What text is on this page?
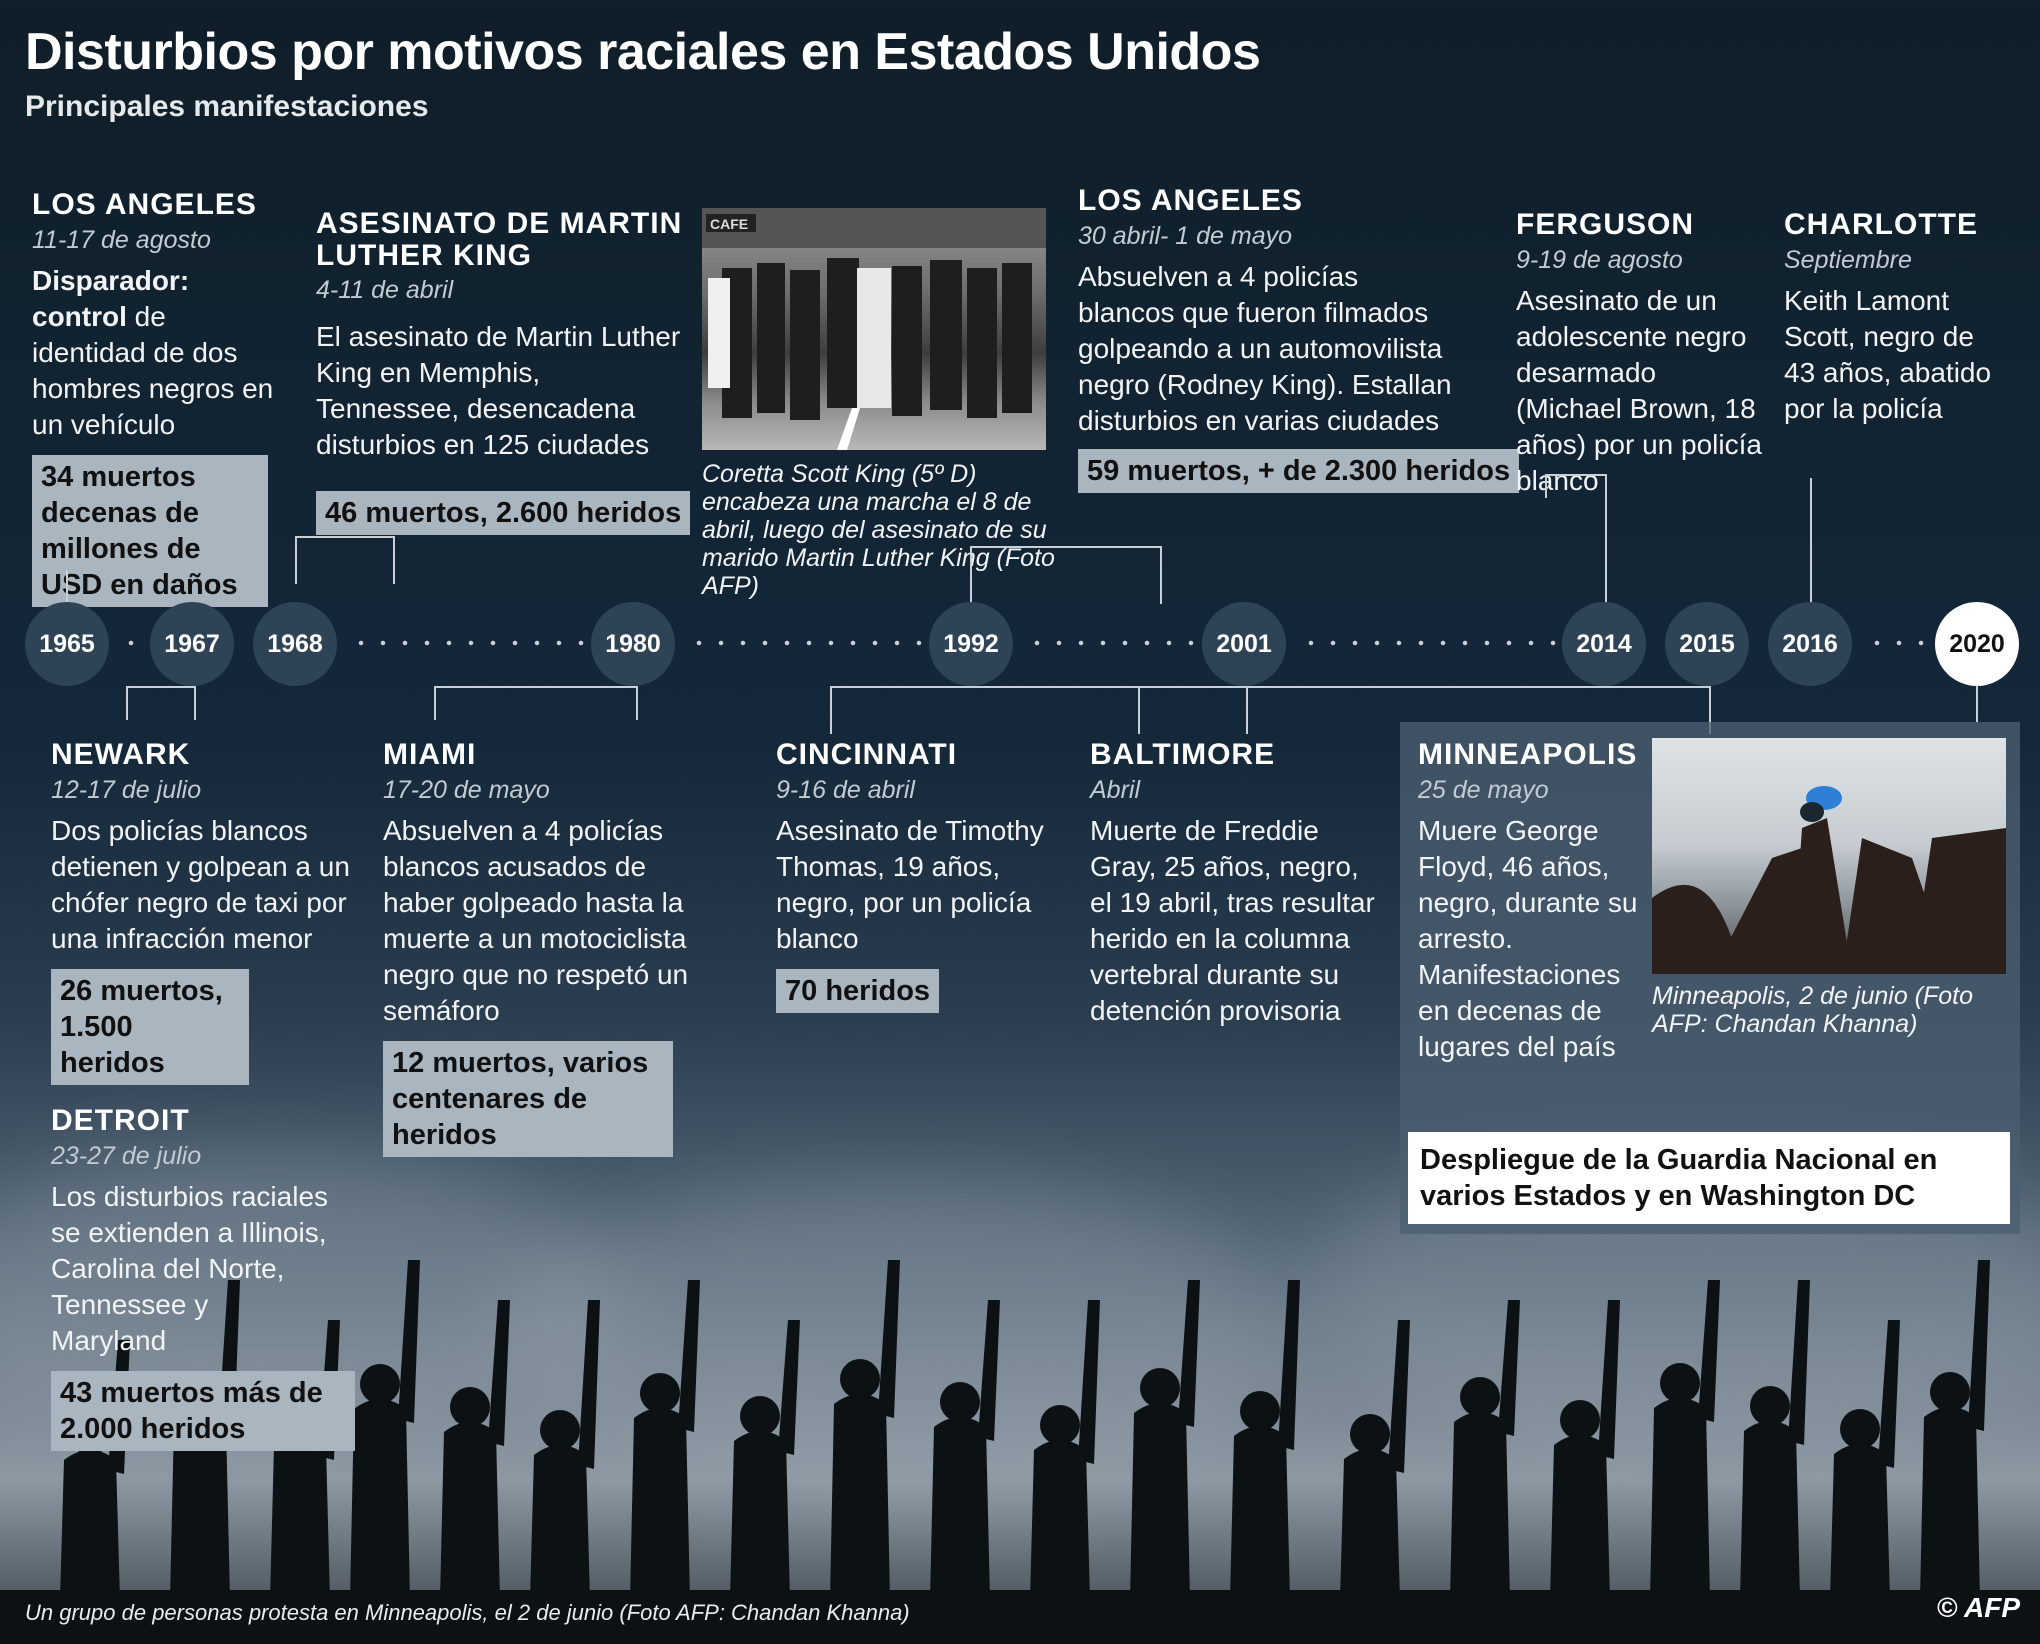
Disturbios por motivos raciales en Estados Unidos
Principales manifestaciones
LOS ANGELES
11-17 de agosto
Disparador: control de identidad de dos hombres negros en un vehículo
34 muertos decenas de millones de USD en daños
ASESINATO DE MARTIN LUTHER KING
4-11 de abril
El asesinato de Martin Luther King en Memphis, Tennessee, desencadena disturbios en 125 ciudades
46 muertos, 2.600 heridos
CAFE
Coretta Scott King (5º D) encabeza una marcha el 8 de abril, luego del asesinato de su marido Martin Luther King (Foto AFP)
LOS ANGELES
30 abril- 1 de mayo
Absuelven a 4 policías blancos que fueron filmados golpeando a un automovilista negro (Rodney King). Estallan disturbios en varias ciudades
59 muertos, + de 2.300 heridos
FERGUSON
9-19 de agosto
Asesinato de un adolescente negro desarmado (Michael Brown, 18 años) por un policía blanco
CHARLOTTE
Septiembre
Keith Lamont Scott, negro de 43 años, abatido por la policía
1965	1967	1968	1980	1992	2001	2014	2015	2016	2020
NEWARK
12-17 de julio
Dos policías blancos detienen y golpean a un chófer negro de taxi por una infracción menor
26 muertos, 1.500 heridos
DETROIT
23-27 de julio
Los disturbios raciales se extienden a Illinois, Carolina del Norte, Tennessee y Maryland
43 muertos más de 2.000 heridos
MIAMI
17-20 de mayo
Absuelven a 4 policías blancos acusados de haber golpeado hasta la muerte a un motociclista negro que no respetó un semáforo
12 muertos, varios centenares de heridos
CINCINNATI
9-16 de abril
Asesinato de Timothy Thomas, 19 años, negro, por un policía blanco
70 heridos
BALTIMORE
Abril
Muerte de Freddie Gray, 25 años, negro, el 19 abril, tras resultar herido en la columna vertebral durante su detención provisoria
MINNEAPOLIS
25 de mayo
Muere George Floyd, 46 años, negro, durante su arresto. Manifestaciones en decenas de lugares del país
Minneapolis, 2 de junio (Foto AFP: Chandan Khanna)
Despliegue de la Guardia Nacional en varios Estados y en Washington DC
Un grupo de personas protesta en Minneapolis, el 2 de junio (Foto AFP: Chandan Khanna)	© AFP
